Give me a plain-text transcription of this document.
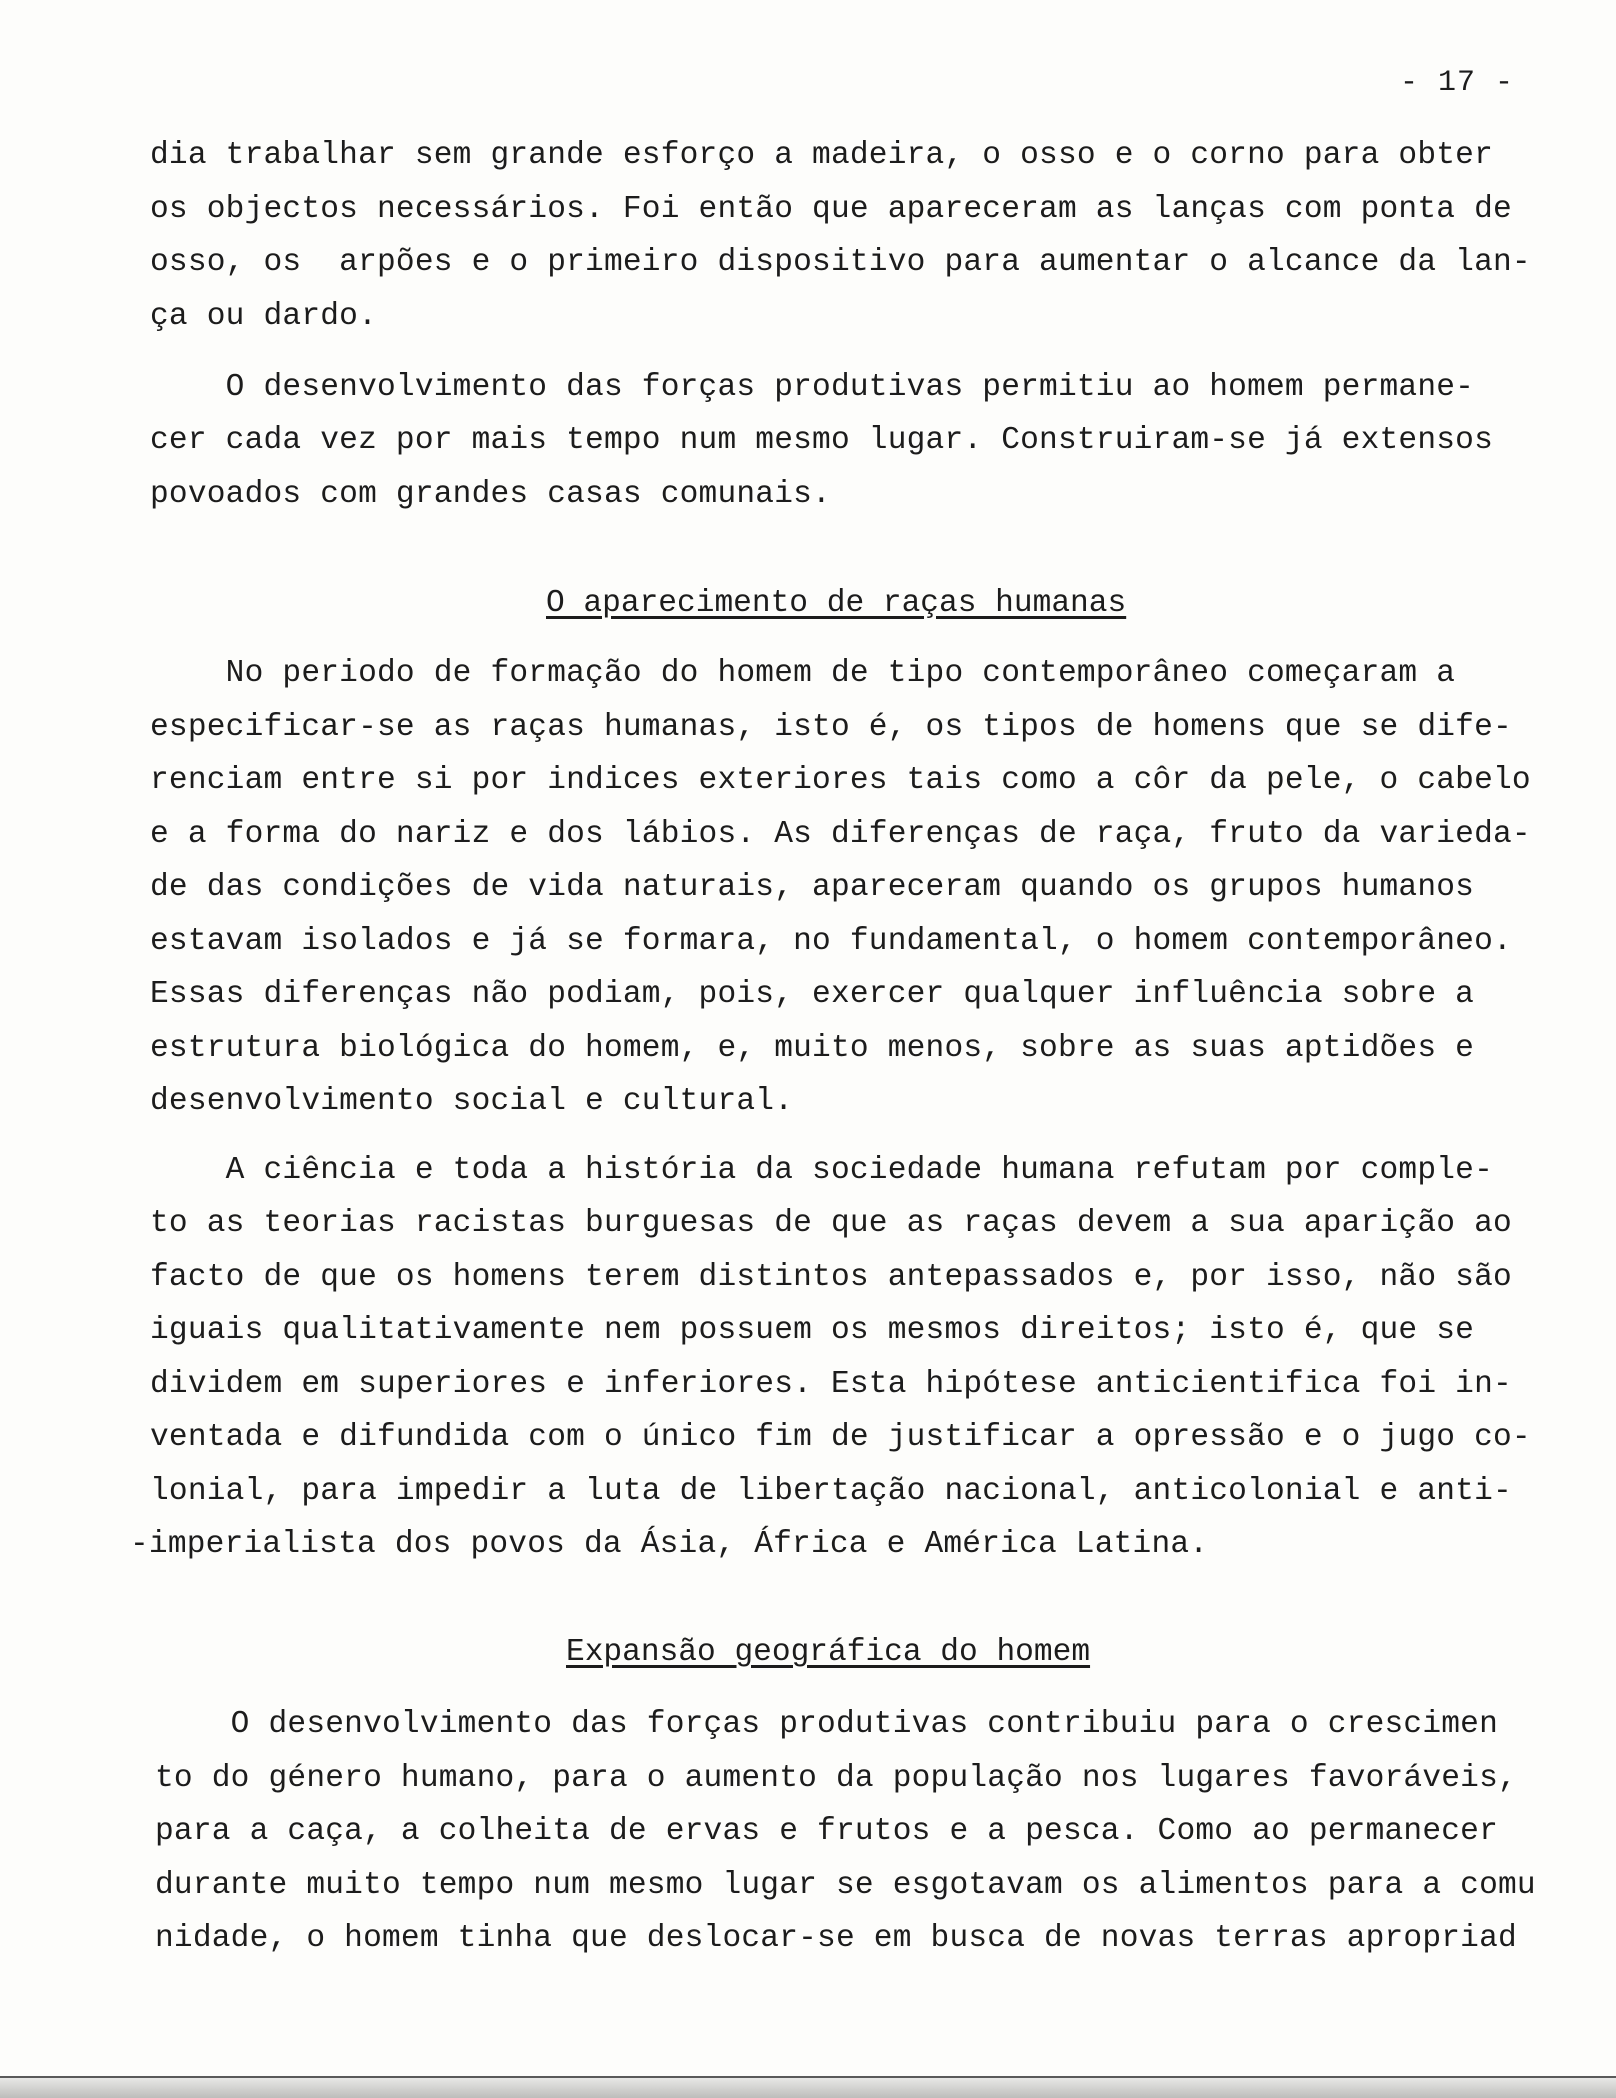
- 17 -
dia trabalhar sem grande esforço a madeira, o osso e o corno para obter
os objectos necessários. Foi então que apareceram as lanças com ponta de
osso, os  arpões e o primeiro dispositivo para aumentar o alcance da lan-
ça ou dardo.
O desenvolvimento das forças produtivas permitiu ao homem permane-
cer cada vez por mais tempo num mesmo lugar. Construiram-se já extensos
povoados com grandes casas comunais.
O aparecimento de raças humanas
No periodo de formação do homem de tipo contemporâneo começaram a
especificar-se as raças humanas, isto é, os tipos de homens que se dife-
renciam entre si por indices exteriores tais como a côr da pele, o cabelo
e a forma do nariz e dos lábios. As diferenças de raça, fruto da varieda-
de das condições de vida naturais, apareceram quando os grupos humanos
estavam isolados e já se formara, no fundamental, o homem contemporâneo.
Essas diferenças não podiam, pois, exercer qualquer influência sobre a
estrutura biológica do homem, e, muito menos, sobre as suas aptidões e
desenvolvimento social e cultural.
A ciência e toda a história da sociedade humana refutam por comple-
to as teorias racistas burguesas de que as raças devem a sua aparição ao
facto de que os homens terem distintos antepassados e, por isso, não são
iguais qualitativamente nem possuem os mesmos direitos; isto é, que se
dividem em superiores e inferiores. Esta hipótese anticientifica foi in-
ventada e difundida com o único fim de justificar a opressão e o jugo co-
lonial, para impedir a luta de libertação nacional, anticolonial e anti-
-imperialista dos povos da Ásia, África e América Latina.
Expansão geográfica do homem
O desenvolvimento das forças produtivas contribuiu para o crescimen
to do género humano, para o aumento da população nos lugares favoráveis,
para a caça, a colheita de ervas e frutos e a pesca. Como ao permanecer
durante muito tempo num mesmo lugar se esgotavam os alimentos para a comu
nidade, o homem tinha que deslocar-se em busca de novas terras apropriad
